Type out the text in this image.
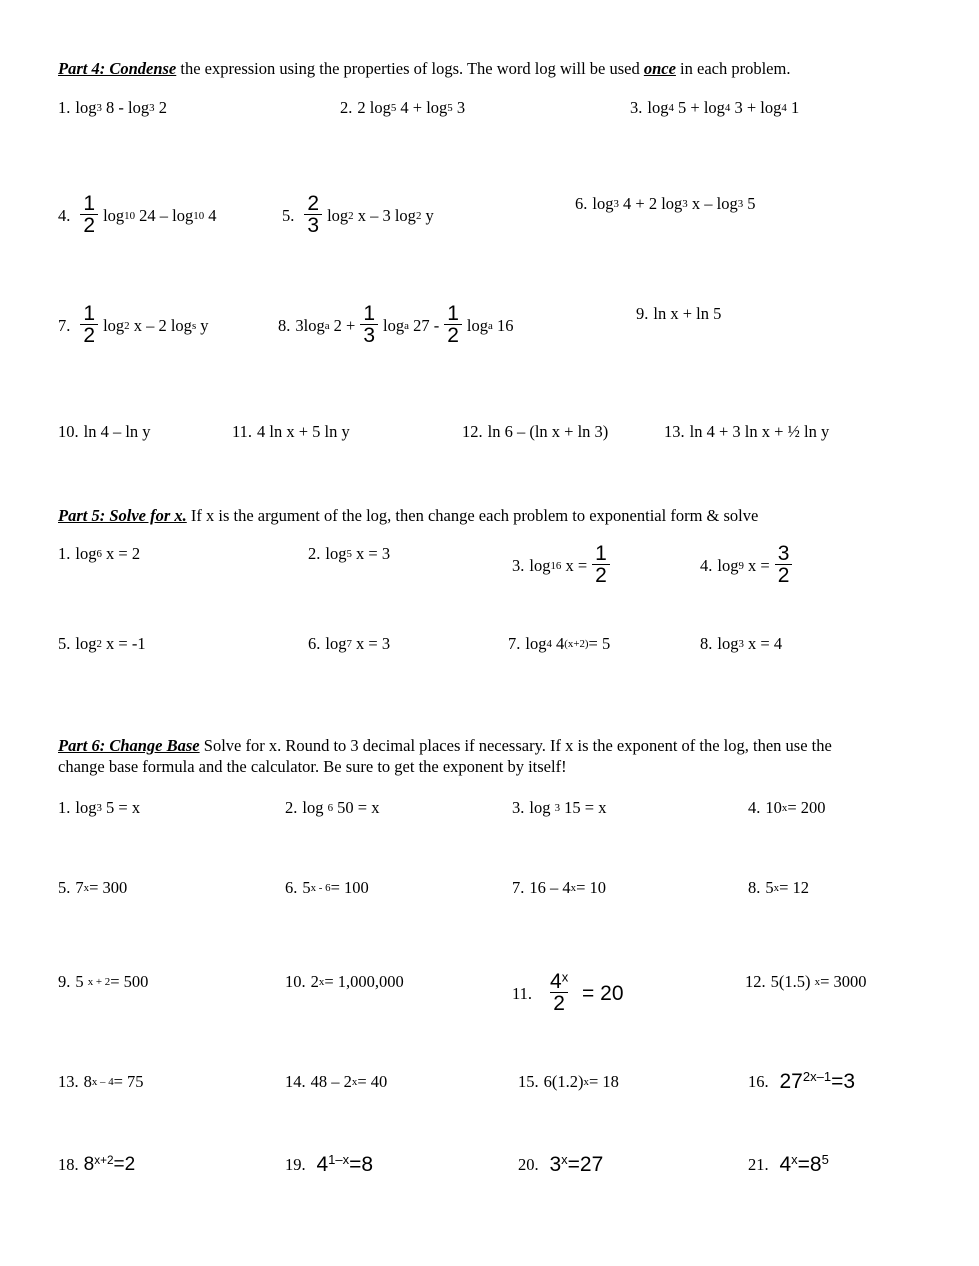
Part 4: Condense the expression using the properties of logs. The word log will be used once in each problem.
1. log 3 8 - log 3 2	2. 2 log 5 4 + log 5 3	3. log 4 5 + log 4 3 + log 4 1
4. $\frac{1}{2}$ log 10 24 – log 10 4	5. $\frac{2}{3}$ log 2 x – 3 log 2 y
6. log 3 4 + 2 log 3 x – log 3 5
7. $\frac{1}{2}$ log 2 x – 2 log s y	8. 3log a $2 + \frac{1}{3}$ log a $27 - \frac{1}{2}$ log a 16
9. ln x + ln 5
10. ln 4 – ln y	11. 4 ln x + 5 ln y	12. ln 6 – (ln x + ln 3)	13. ln 4 + 3 ln x + ½ ln y
Part 5: Solve for x. If x is the argument of the log, then change each problem to exponential form & solve
1. log 6 x = 2	2. log 5 x = 3
3. log 16 $x = \frac{1}{2}$	4. log 9 $x = \frac{3}{2}$
5. log 2 x = -1	6. log 7 x = 3	7. log 4 4 (x+2) = 5	8. log 3 x = 4
Part 6: Change Base Solve for x. Round to 3 decimal places if necessary. If x is the exponent of the log, then use the
change base formula and the calculator. Be sure to get the exponent by itself!
1. log 3 5 = x	2. log 6 50 = x	3. log 3 15 = x	4. 10 x = 200
5. 7 x = 300	6. 5 x - 6 = 100	7. 16 – 4 x = 10	8. 5 x = 12
9. 5 x + 2 = 500	10. 2 x = 1,000,000
11. $\frac{4^x}{2} = 20$
12. 5(1.5) x = 3000
13. 8 x – 4 = 75	14. 48 – 2 x = 40	15. 6(1.2) x = 18	16. $27^{2x-1}=3$
18. $8^{x+2}=2$	19. $4^{1-x}=8$	20. $3^x=27$	21. $4^x=8^5$
